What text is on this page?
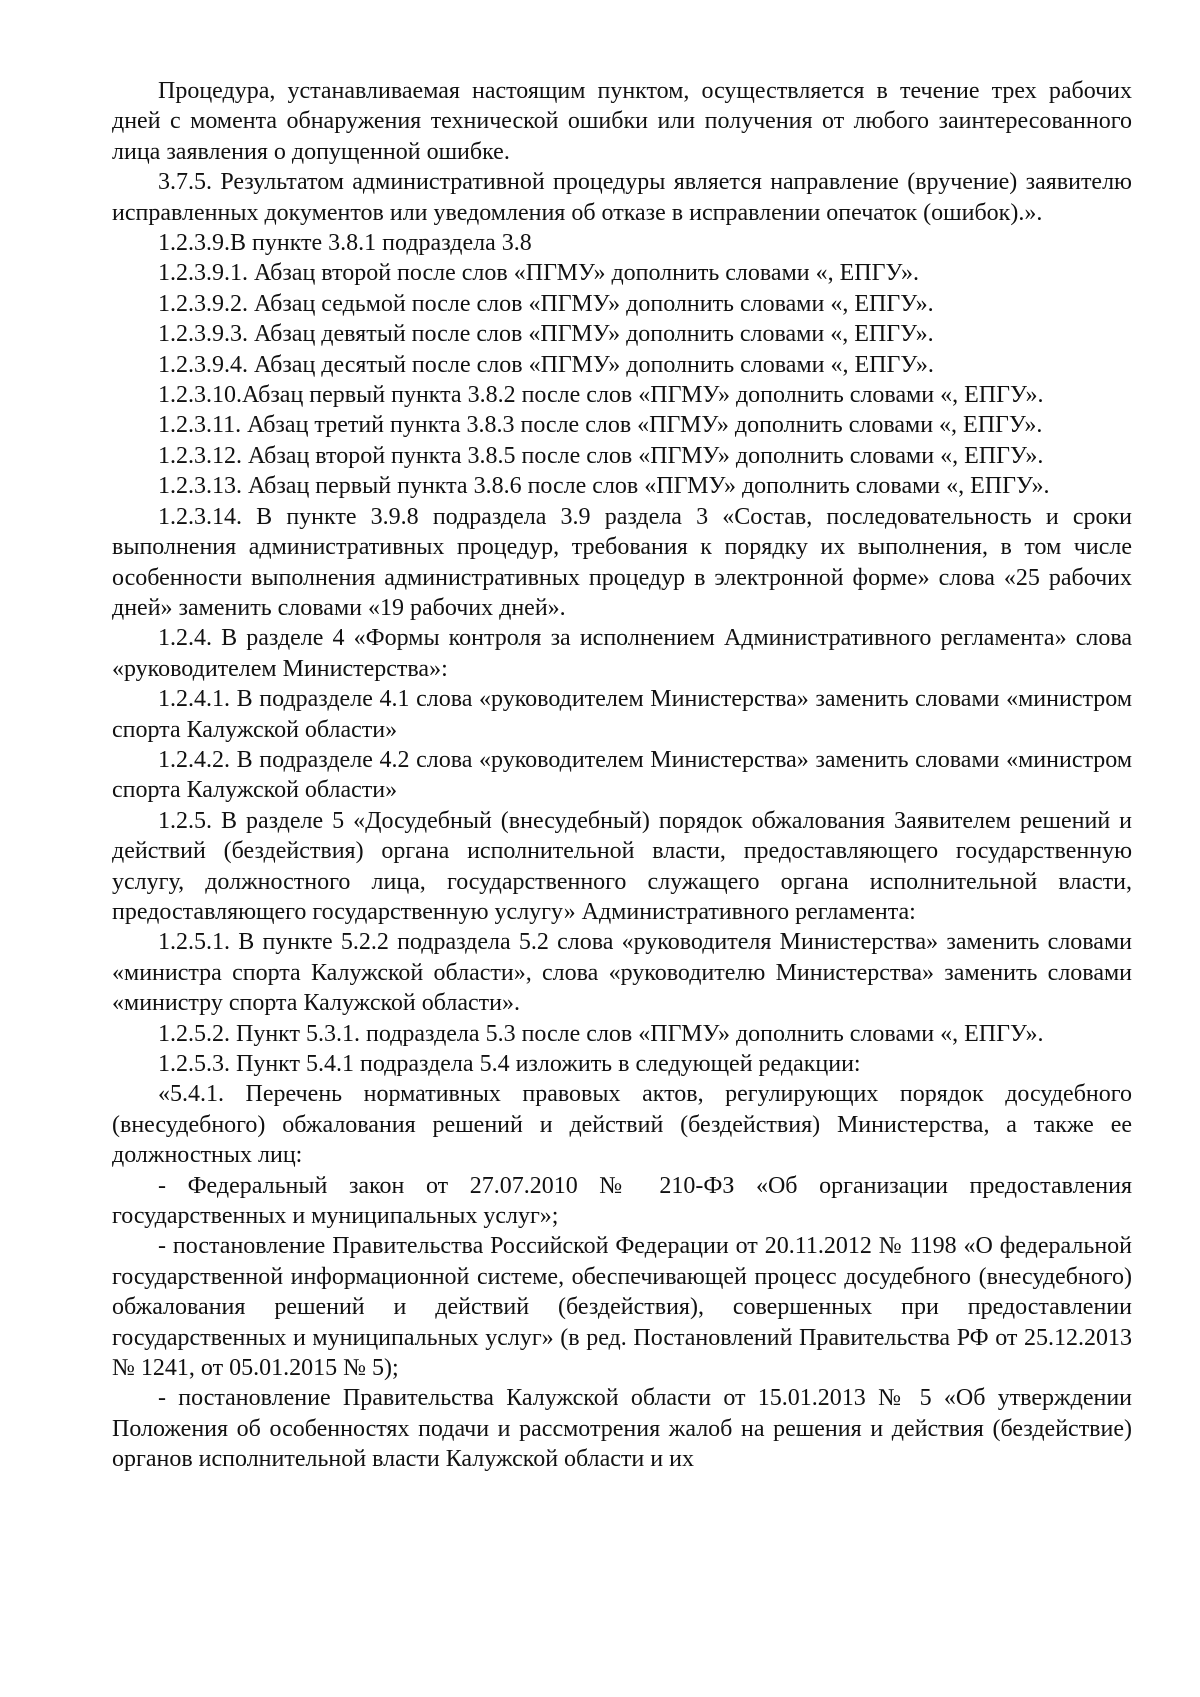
Процедура, устанавливаемая настоящим пунктом, осуществляется в течение трех рабочих дней с момента обнаружения технической ошибки или получения от любого заинтересованного лица заявления о допущенной ошибке.

3.7.5. Результатом административной процедуры является направление (вручение) заявителю исправленных документов или уведомления об отказе в исправлении опечаток (ошибок).».

1.2.3.9.В пункте 3.8.1 подраздела 3.8

1.2.3.9.1. Абзац второй после слов «ПГМУ» дополнить словами «, ЕПГУ».

1.2.3.9.2. Абзац седьмой после слов «ПГМУ» дополнить словами «, ЕПГУ».

1.2.3.9.3. Абзац девятый после слов «ПГМУ» дополнить словами «, ЕПГУ».

1.2.3.9.4. Абзац десятый после слов «ПГМУ» дополнить словами «, ЕПГУ».

1.2.3.10.Абзац первый пункта 3.8.2 после слов «ПГМУ» дополнить словами «, ЕПГУ».

1.2.3.11. Абзац третий пункта 3.8.3 после слов «ПГМУ» дополнить словами «, ЕПГУ».

1.2.3.12. Абзац второй пункта 3.8.5 после слов «ПГМУ» дополнить словами «, ЕПГУ».

1.2.3.13. Абзац первый пункта 3.8.6 после слов «ПГМУ» дополнить словами «, ЕПГУ».

1.2.3.14. В пункте 3.9.8 подраздела 3.9 раздела 3 «Состав, последовательность и сроки выполнения административных процедур, требования к порядку их выполнения, в том числе особенности выполнения административных процедур в электронной форме» слова «25 рабочих дней» заменить словами «19 рабочих дней».

1.2.4. В разделе 4 «Формы контроля за исполнением Административного регламента» слова «руководителем Министерства»:

1.2.4.1. В подразделе 4.1 слова «руководителем Министерства» заменить словами «министром спорта Калужской области»

1.2.4.2. В подразделе 4.2 слова «руководителем Министерства» заменить словами «министром спорта Калужской области»

1.2.5. В разделе 5 «Досудебный (внесудебный) порядок обжалования Заявителем решений и действий (бездействия) органа исполнительной власти, предоставляющего государственную услугу, должностного лица, государственного служащего органа исполнительной власти, предоставляющего государственную услугу» Административного регламента:

1.2.5.1. В пункте 5.2.2 подраздела 5.2 слова «руководителя Министерства» заменить словами «министра спорта Калужской области», слова «руководителю Министерства» заменить словами «министру спорта Калужской области».

1.2.5.2. Пункт 5.3.1. подраздела 5.3 после слов «ПГМУ» дополнить словами «, ЕПГУ».

1.2.5.3. Пункт 5.4.1 подраздела 5.4 изложить в следующей редакции:

«5.4.1. Перечень нормативных правовых актов, регулирующих порядок досудебного (внесудебного) обжалования решений и действий (бездействия) Министерства, а также ее должностных лиц:

- Федеральный закон от 27.07.2010 № 210-ФЗ «Об организации предоставления государственных и муниципальных услуг»;

- постановление Правительства Российской Федерации от 20.11.2012 № 1198 «О федеральной государственной информационной системе, обеспечивающей процесс досудебного (внесудебного) обжалования решений и действий (бездействия), совершенных при предоставлении государственных и муниципальных услуг» (в ред. Постановлений Правительства РФ от 25.12.2013 № 1241, от 05.01.2015 № 5);

- постановление Правительства Калужской области от 15.01.2013 № 5 «Об утверждении Положения об особенностях подачи и рассмотрения жалоб на решения и действия (бездействие) органов исполнительной власти Калужской области и их
